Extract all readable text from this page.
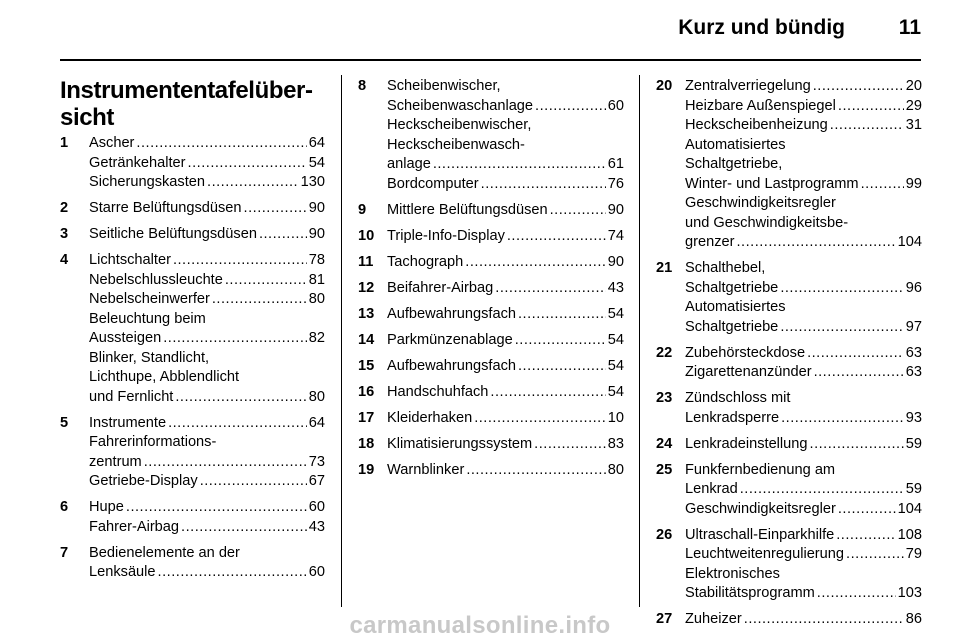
Kurz und bündig	11
Instrumententafelüber-
sicht
1	Ascher .....	64
Getränkehalter .....	54
Sicherungskasten .....	130
2	Starre Belüftungsdüsen .....	90
3	Seitliche Belüftungsdüsen .....	90
4	Lichtschalter .....	78
Nebelschlussleuchte .....	81
Nebelscheinwerfer .....	80
Beleuchtung beim
Aussteigen .....	82
Blinker, Standlicht,
Lichthupe, Abblendlicht
und Fernlicht .....	80
5	Instrumente .....	64
Fahrerinformations-
zentrum .....	73
Getriebe-Display .....	67
6	Hupe .....	60
Fahrer-Airbag .....	43
7	Bedienelemente an der
Lenksäule .....	60
8	Scheibenwischer,
Scheibenwaschanlage .....	60
Heckscheibenwischer,
Heckscheibenwasch-
anlage .....	61
Bordcomputer .....	76
9	Mittlere Belüftungsdüsen .....	90
10 Triple-Info-Display .....	74
11 Tachograph .....	90
12 Beifahrer-Airbag .....	43
13 Aufbewahrungsfach .....	54
14 Parkmünzenablage .....	54
15 Aufbewahrungsfach .....	54
16 Handschuhfach .....	54
17 Kleiderhaken .....	10
18 Klimatisierungssystem .....	83
19 Warnblinker .....	80
20 Zentralverriegelung .....	20
Heizbare Außenspiegel .....	29
Heckscheibenheizung .....	31
Automatisiertes
Schaltgetriebe,
Winter- und Lastprogramm .....	99
Geschwindigkeitsregler
und Geschwindigkeitsbe-
grenzer .....	104
21 Schalthebel,
Schaltgetriebe .....	96
Automatisiertes
Schaltgetriebe .....	97
22 Zubehörsteckdose .....	63
Zigarettenanzünder .....	63
23 Zündschloss mit
Lenkradsperre .....	93
24 Lenkradeinstellung .....	59
25 Funkfernbedienung am
Lenkrad .....	59
Geschwindigkeitsregler .....	104
26 Ultraschall-Einparkhilfe .....	108
Leuchtweitenregulierung .....	79
Elektronisches
Stabilitätsprogramm .....	103
27 Zuheizer .....	86
carmanualsonline.info
